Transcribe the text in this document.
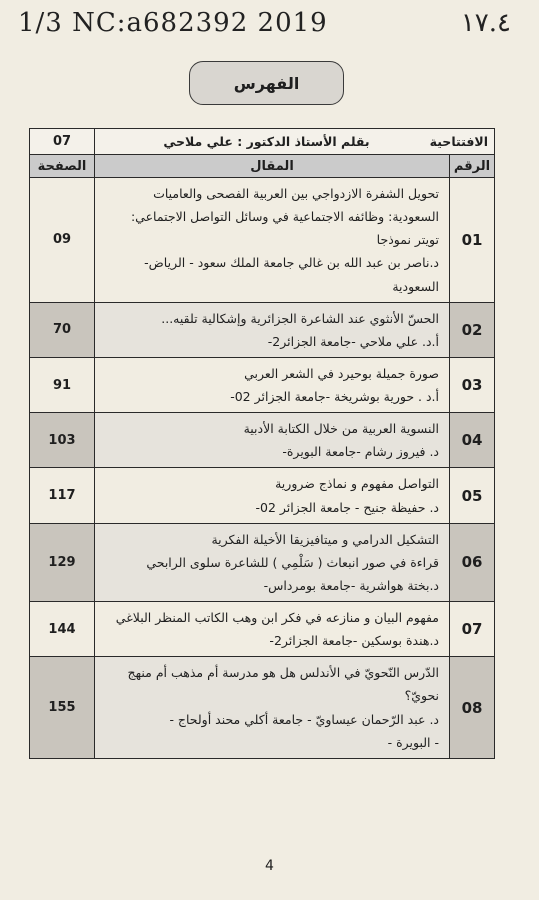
1/3 NC:a682392 2019	١٧.٤
الفهرس
الافتتاحية
بقلم الأستاذ الدكتور : علي ملاحي		07
الرقم	المقال	الصفحة
01	تحويل الشفرة الازدواجي بين العربية الفصحى والعاميات
السعودية: وظائفه الاجتماعية في وسائل التواصل الاجتماعي:
تويتر نموذجا
د.ناصر بن عبد الله بن غالي جامعة الملك سعود - الرياض-
السعودية	09
02	الحسّ الأنثوي عند الشاعرة الجزائرية وإشكالية تلقيه...
أ.د. علي ملاحي -جامعة الجزائر2-	70
03	صورة جميلة بوحيرد في الشعر العربي
أ.د . حورية بوشريخة -جامعة الجزائر 02-	91
04	النسوية العربية من خلال الكتابة الأدبية
د. فيروز رشام -جامعة البويرة-	103
05	التواصل مفهوم و نماذج ضرورية
د. حفيظة جنيح - جامعة الجزائر 02-	117
06	التشكيل الدرامي و ميتافيزيقا الأخيلة الفكرية
قراءة في صور انبعاث ( سَلْمِي ) للشاعرة سلوى الرابحي
د.بختة هواشرية -جامعة بومرداس-	129
07	مفهوم البيان و منازعه في فكر ابن وهب الكاتب المنظر البلاغي
د.هندة بوسكين -جامعة الجزائر2-	144
08	الدّرس النّحويّ في الأندلس هل هو مدرسة أم مذهب أم منهج
نحويّ؟
د. عبد الرّحمان عيساويّ - جامعة أكلي محند أولحاج -
- البويرة -	155
4
